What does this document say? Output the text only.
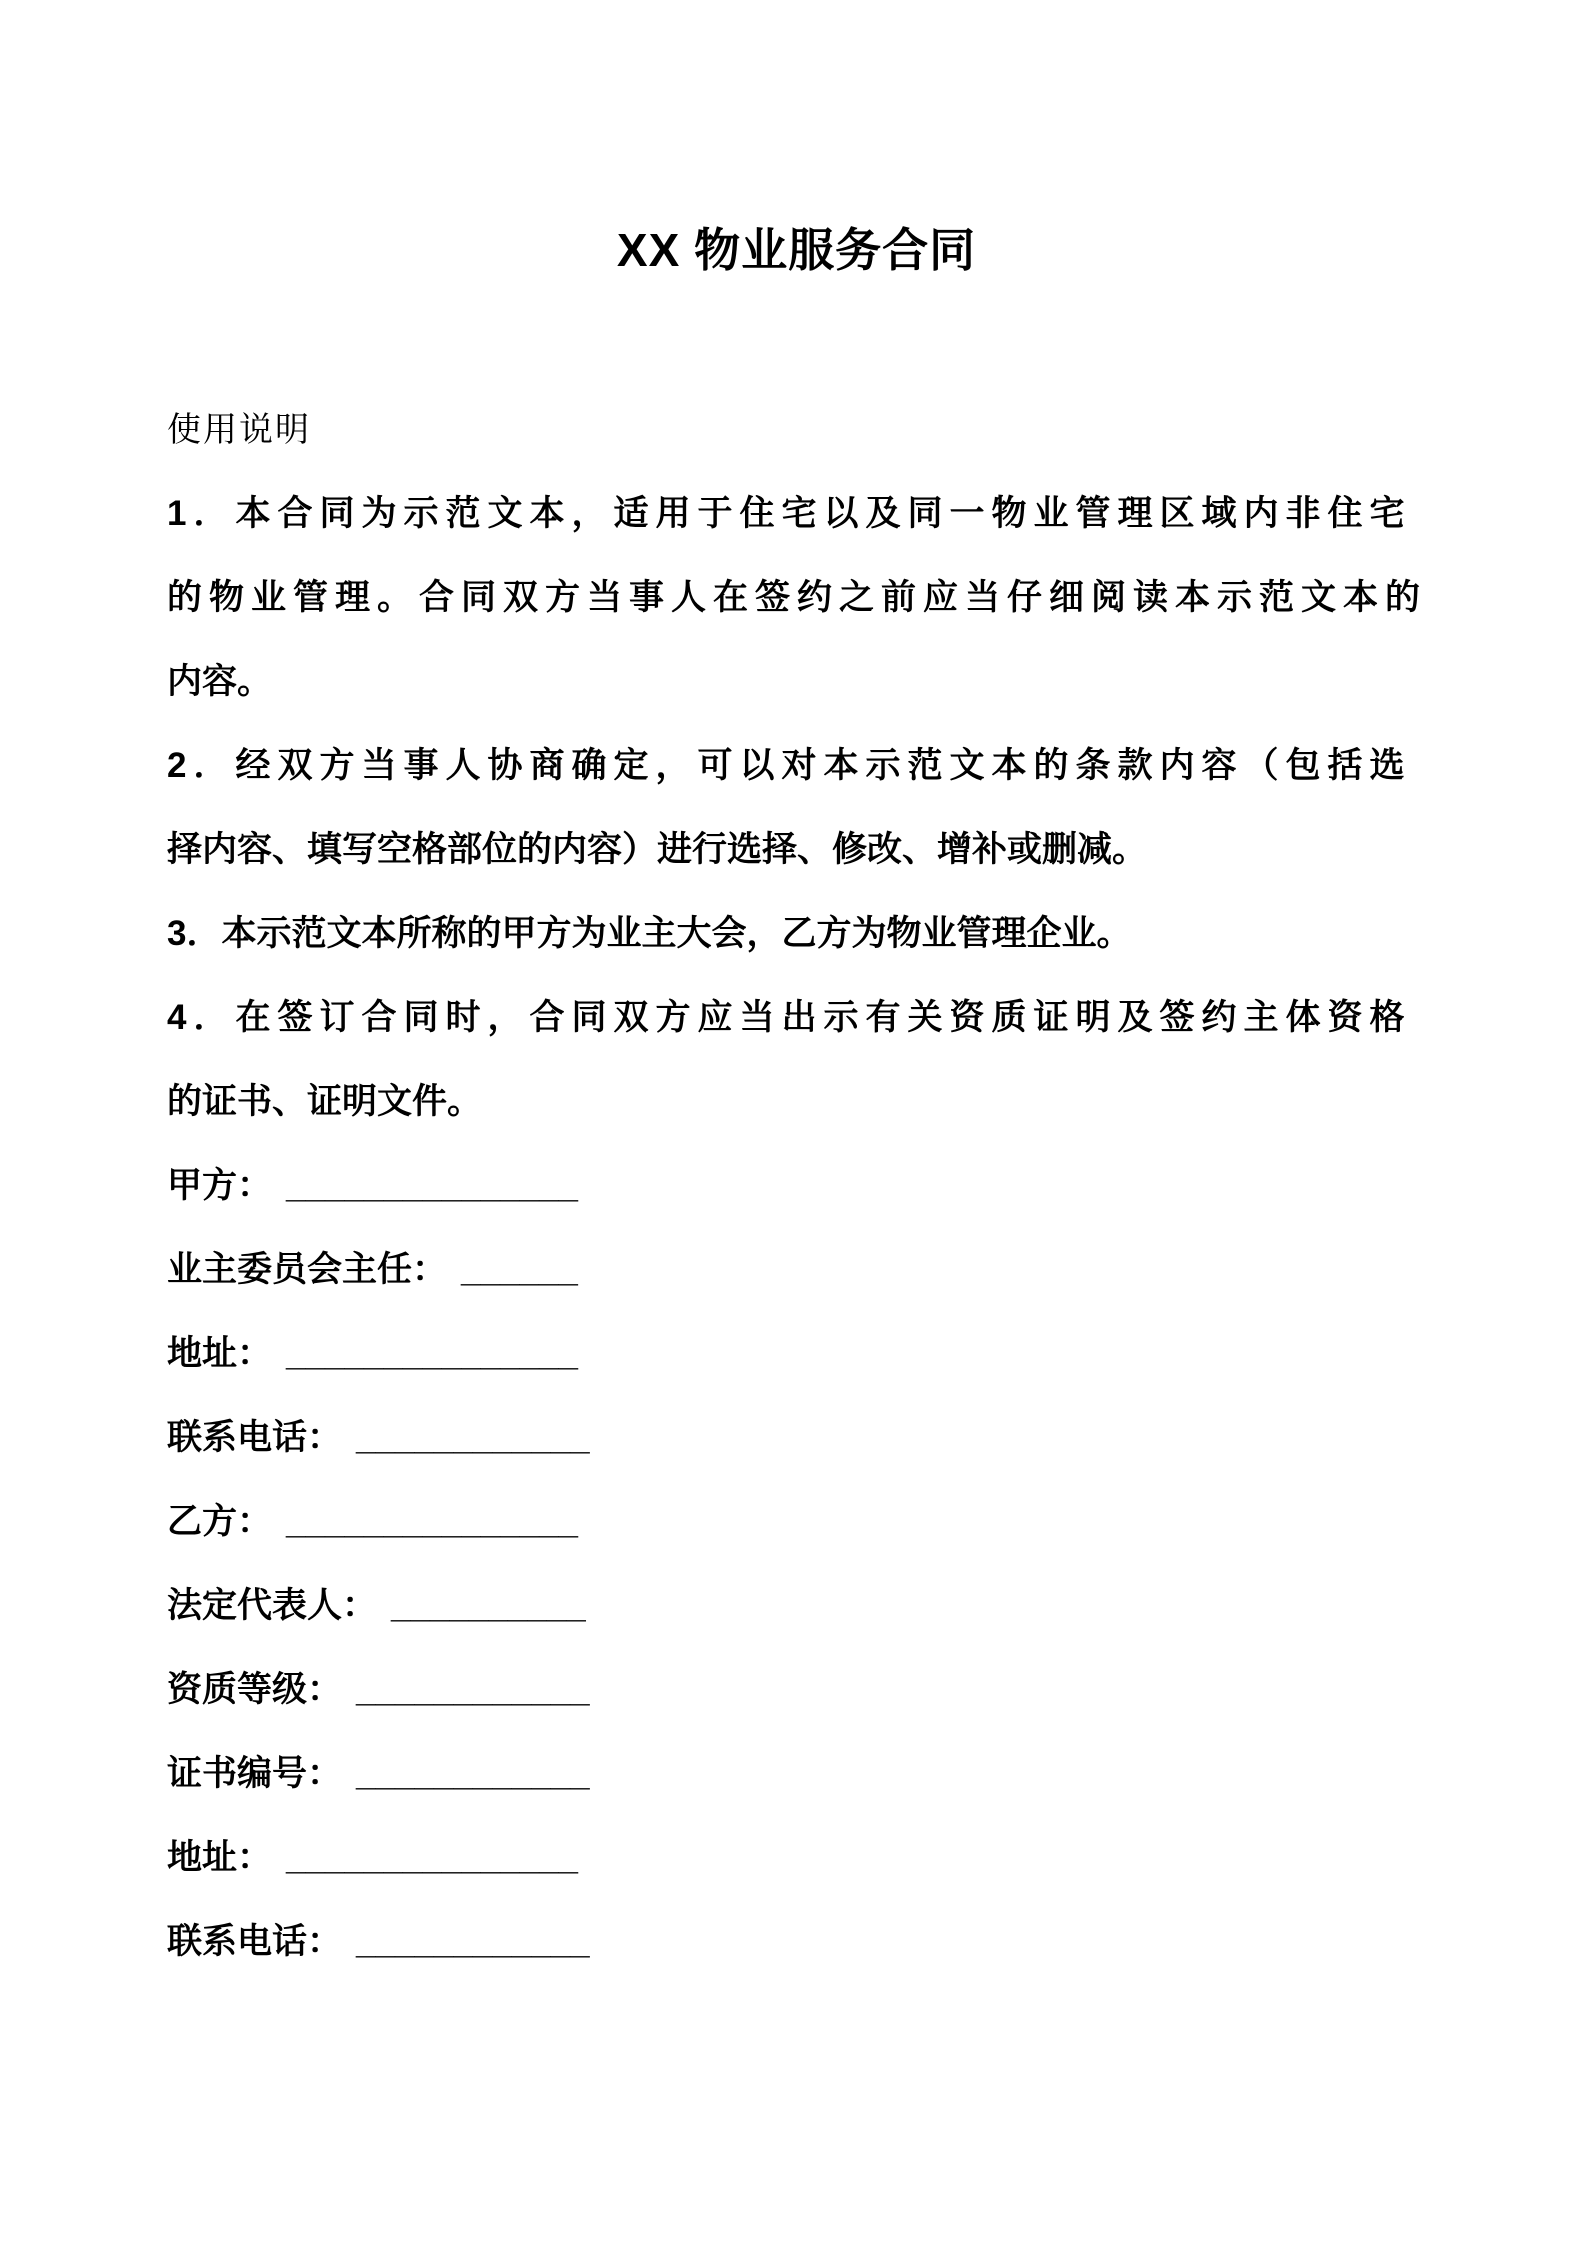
XX 物业服务合同
使用说明
1．本合同为示范文本，适用于住宅以及同一物业管理区域内非住宅
的物业管理。合同双方当事人在签约之前应当仔细阅读本示范文本的
内容。
2．经双方当事人协商确定，可以对本示范文本的条款内容（包括选
择内容、填写空格部位的内容）进行选择、修改、增补或删减。
3．本示范文本所称的甲方为业主大会，乙方为物业管理企业。
4．在签订合同时，合同双方应当出示有关资质证明及签约主体资格
的证书、证明文件。
甲方： _______________
业主委员会主任： ______
地址： _______________
联系电话： ____________
乙方： _______________
法定代表人： __________
资质等级： ____________
证书编号： ____________
地址： _______________
联系电话： ____________
